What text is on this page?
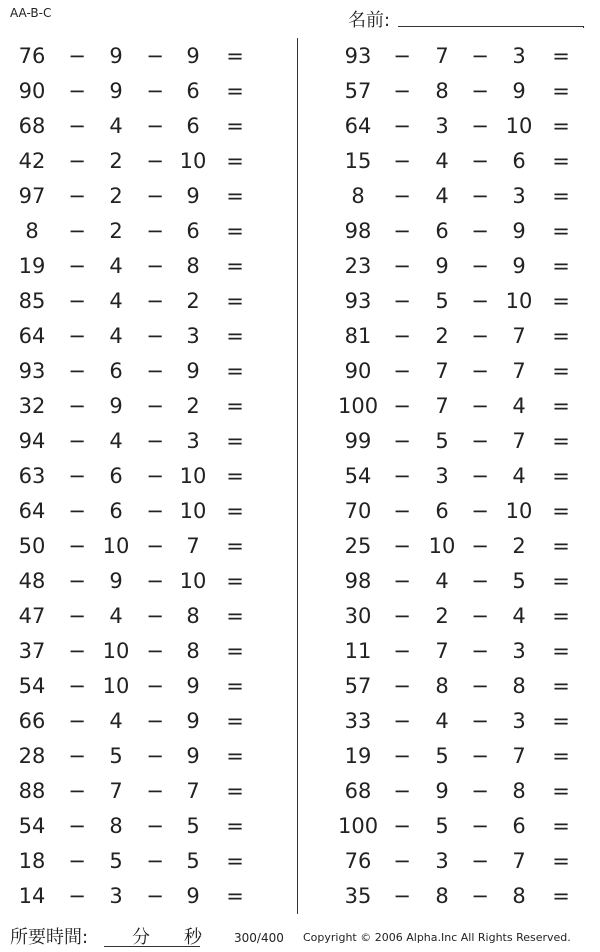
AA-B-C	名前:	.
76	−	9	−	9	=
90	−	9	−	6	=
68	−	4	−	6	=
42	−	2	− 10 =
97	−	2	−	9	=
8	−	2	−	6	=
19	−	4	−	8	=
85	−	4	−	2	=
64	−	4	−	3	=
93	−	6	−	9	=
32	−	9	−	2	=
94	−	4	−	3	=
63	−	6	− 10 =
64	−	6	− 10 =
50	− 10 −	7	=
48	−	9	− 10 =
47	−	4	−	8	=
37	− 10 −	8	=
54	− 10 −	9	=
66	−	4	−	9	=
28	−	5	−	9	=
88	−	7	−	7	=
54	−	8	−	5	=
18	−	5	−	5	=
14	−	3	−	9	=
93	−	7	−	3	=
57	−	8	−	9	=
64	−	3	− 10 =
15	−	4	−	6	=
8	−	4	−	3	=
98	−	6	−	9	=
23	−	9	−	9	=
93	−	5	− 10 =
81	−	2	−	7	=
90	−	7	−	7	=
100 −	7	−	4	=
99	−	5	−	7	=
54	−	3	−	4	=
70	−	6	− 10 =
25	− 10 −	2	=
98	−	4	−	5	=
30	−	2	−	4	=
11	−	7	−	3	=
57	−	8	−	8	=
33	−	4	−	3	=
19	−	5	−	7	=
68	−	9	−	8	=
100 −	5	−	6	=
76	−	3	−	7	=
35	−	8	−	8	=
所要時間: 分 秒	300/400 Copyright © 2006 Alpha.Inc All Rights Reserved.
